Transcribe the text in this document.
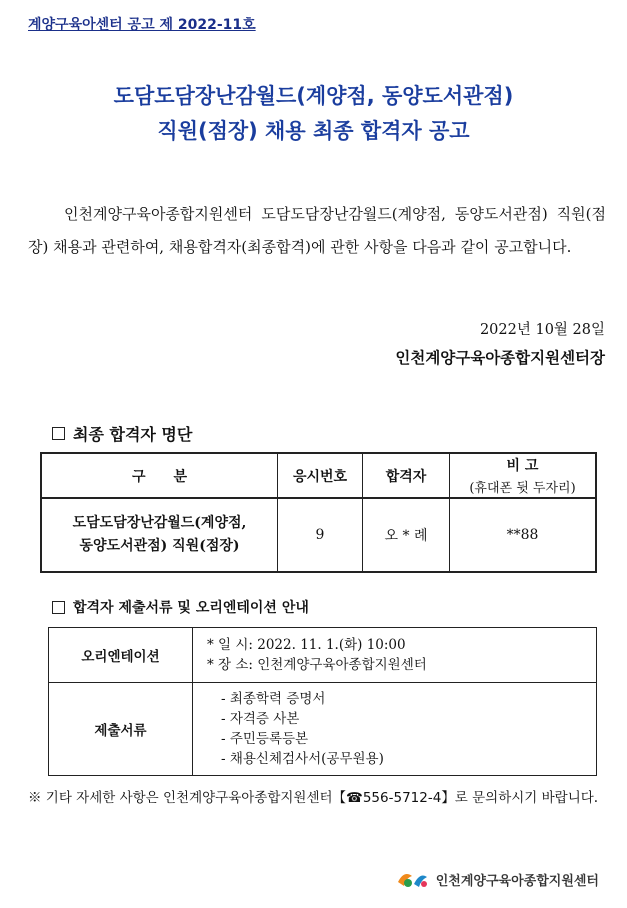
계양구육아센터 공고 제 2022-11호
도담도담장난감월드(계양점, 동양도서관점)
직원(점장) 채용 최종 합격자 공고
인천계양구육아종합지원센터 도담도담장난감월드(계양점, 동양도서관점) 직원(점장) 채용과 관련하여, 채용합격자(최종합격)에 관한 사항을 다음과 같이 공고합니다.
2022년 10월 28일
인천계양구육아종합지원센터장
최종 합격자 명단
구　　분	응시번호	합격자	비 고
(휴대폰 뒷 두자리)

도담도담장난감월드(계양점,
동양도서관점) 직원(점장)	9	오 * 례	**88
합격자 제출서류 및 오리엔테이션 안내
오리엔테이션	* 일 시: 2022. 11. 1.(화) 10:00
* 장 소: 인천계양구육아종합지원센터

제출서류	- 최종학력 증명서
- 자격증 사본
- 주민등록등본
- 채용신체검사서(공무원용)
※ 기타 자세한 사항은 인천계양구육아종합지원센터【☎556-5712-4】로 문의하시기 바랍니다.
인천계양구육아종합지원센터
